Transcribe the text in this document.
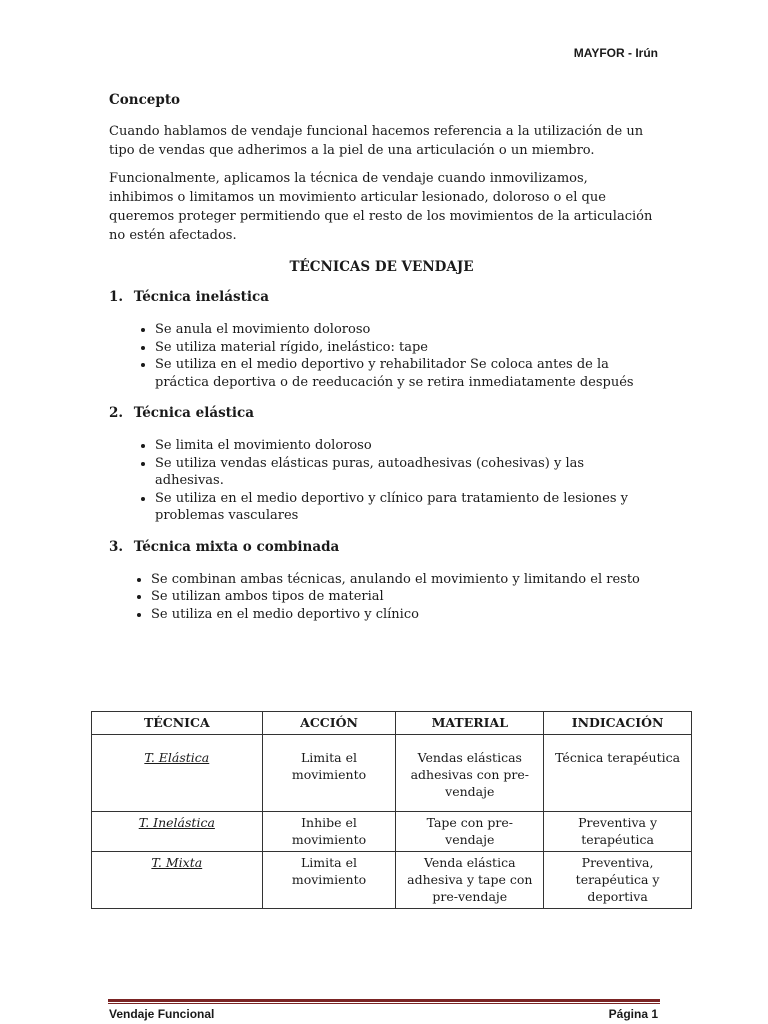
MAYFOR - Irún
Concepto

Cuando hablamos de vendaje funcional hacemos referencia a la utilización de un tipo de vendas que adherimos a la piel de una articulación o un miembro.

Funcionalmente, aplicamos la técnica de vendaje cuando inmovilizamos, inhibimos o limitamos un movimiento articular lesionado, doloroso o el que queremos proteger permitiendo que el resto de los movimientos de la articulación no estén afectados.

TÉCNICAS DE VENDAJE
1. Técnica inelástica
• Se anula el movimiento doloroso
• Se utiliza material rígido, inelástico: tape
• Se utiliza en el medio deportivo y rehabilitador Se coloca antes de la práctica deportiva o de reeducación y se retira inmediatamente después
2. Técnica elástica
• Se limita el movimiento doloroso
• Se utiliza vendas elásticas puras, autoadhesivas (cohesivas) y las adhesivas.
• Se utiliza en el medio deportivo y clínico para tratamiento de lesiones y problemas vasculares
3. Técnica mixta o combinada
• Se combinan ambas técnicas, anulando el movimiento y limitando el resto
• Se utilizan ambos tipos de material
• Se utiliza en el medio deportivo y clínico
TÉCNICA	ACCIÓN	MATERIAL	INDICACIÓN
T. Elástica	Limita el movimiento	Vendas elásticas adhesivas con pre-vendaje	Técnica terapéutica
T. Inelástica	Inhibe el movimiento	Tape con pre-vendaje	Preventiva y terapéutica
T. Mixta	Limita el movimiento	Venda elástica adhesiva y tape con pre-vendaje	Preventiva, terapéutica y deportiva
Vendaje Funcional	Página 1
